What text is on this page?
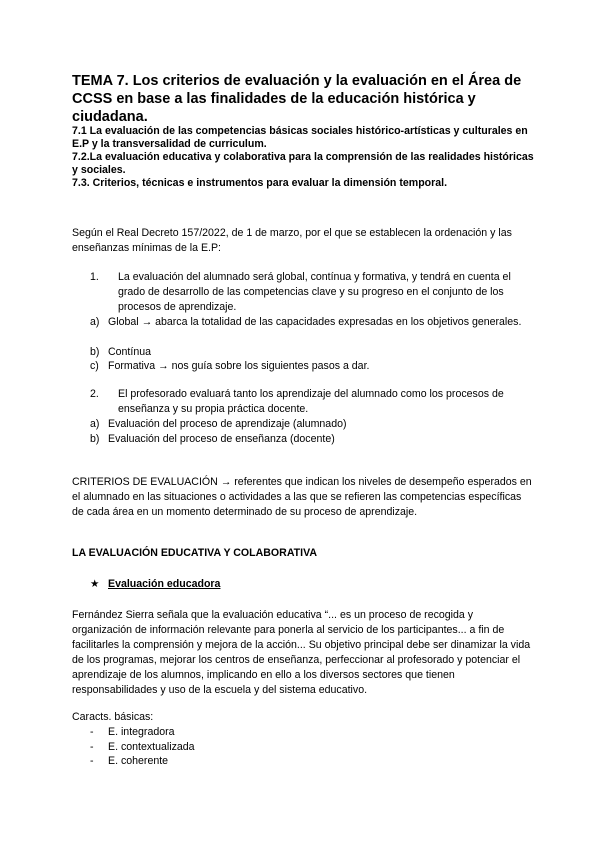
TEMA 7. Los criterios de evaluación y la evaluación en el Área de CCSS en base a las finalidades de la educación histórica y ciudadana.

7.1 La evaluación de las competencias básicas sociales histórico-artísticas y culturales en E.P y la transversalidad de curriculum.

7.2.La evaluación educativa y colaborativa para la comprensión de las realidades históricas y sociales.

7.3. Criterios, técnicas e instrumentos para evaluar la dimensión temporal.

Según el Real Decreto 157/2022, de 1 de marzo, por el que se establecen la ordenación y las enseñanzas mínimas de la E.P:

1.	La evaluación del alumnado será global, contínua y formativa, y tendrá en cuenta el grado de desarrollo de las competencias clave y su progreso en el conjunto de los procesos de aprendizaje.
a) Global → abarca la totalidad de las capacidades expresadas en los objetivos generales.
b) Contínua
c) Formativa → nos guía sobre los siguientes pasos a dar.
2.	El profesorado evaluará tanto los aprendizaje del alumnado como los procesos de enseñanza y su propia práctica docente.
a) Evaluación del proceso de aprendizaje (alumnado)
b) Evaluación del proceso de enseñanza (docente)

CRITERIOS DE EVALUACIÓN → referentes que indican los niveles de desempeño esperados en el alumnado en las situaciones o actividades a las que se refieren las competencias específicas de cada área en un momento determinado de su proceso de aprendizaje.

LA EVALUACIÓN EDUCATIVA Y COLABORATIVA
★ Evaluación educadora

Fernández Sierra señala que la evaluación educativa “... es un proceso de recogida y organización de información relevante para ponerla al servicio de los participantes... a fin de facilitarles la comprensión y mejora de la acción... Su objetivo principal debe ser dinamizar la vida de los programas, mejorar los centros de enseñanza, perfeccionar al profesorado y potenciar el aprendizaje de los alumnos, implicando en ello a los diversos sectores que tienen responsabilidades y uso de la escuela y del sistema educativo.

Caracts. básicas:
- E. integradora
- E. contextualizada
- E. coherente
